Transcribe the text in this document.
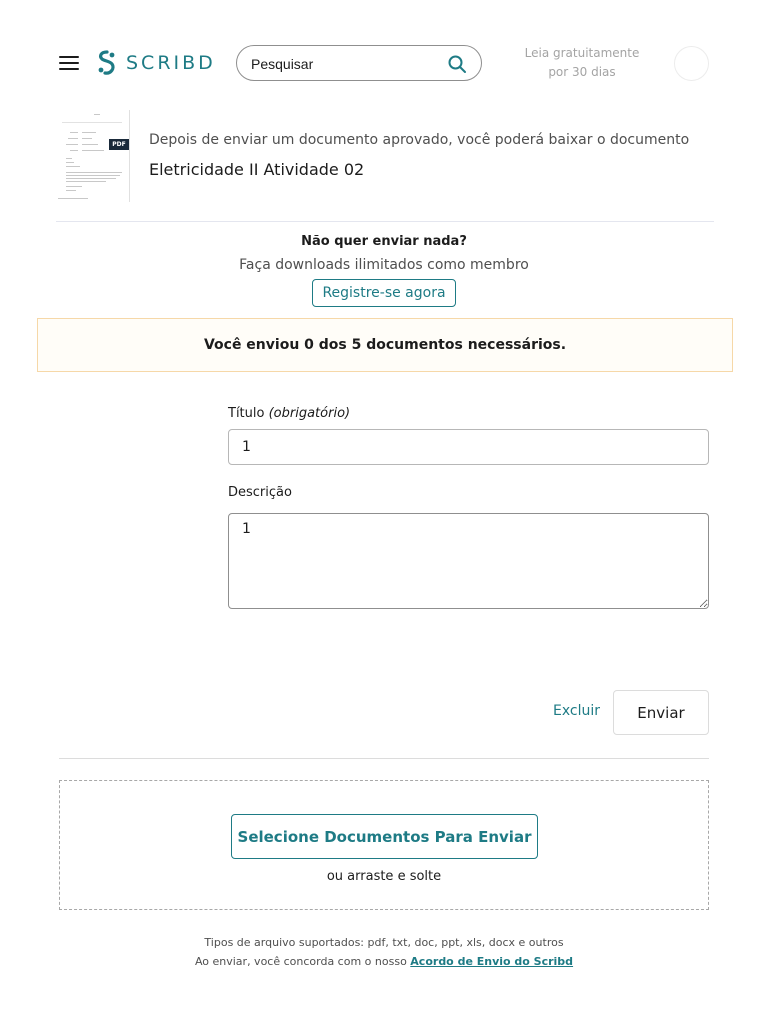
SCRIBD
Pesquisar	Leia gratuitamente
por 30 dias
PDF Depois de enviar um documento aprovado, você poderá baixar o documento
Eletricidade II Atividade 02
Não quer enviar nada?
Faça downloads ilimitados como membro
Registre-se agora
Você enviou 0 dos 5 documentos necessários.
Título (obrigatório)
1
Descrição
1
Excluir	Enviar
Selecione Documentos Para Enviar
ou arraste e solte
Tipos de arquivo suportados: pdf, txt, doc, ppt, xls, docx e outros
Ao enviar, você concorda com o nosso Acordo de Envio do Scribd
